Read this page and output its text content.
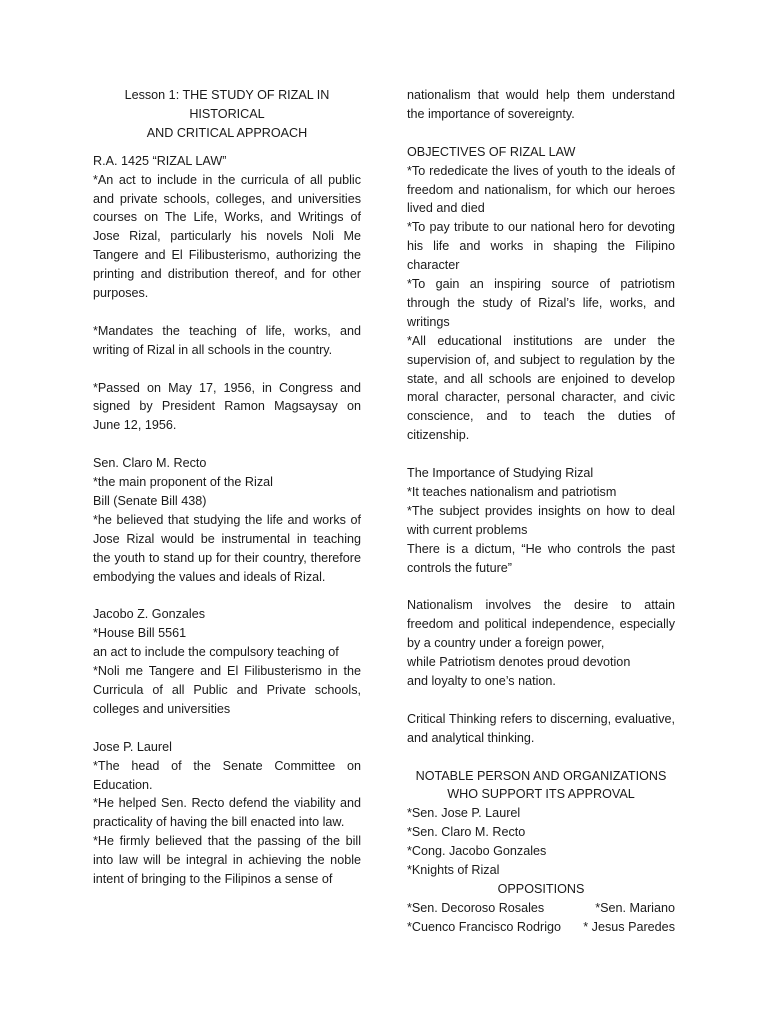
Lesson 1: THE STUDY OF RIZAL IN HISTORICAL
AND CRITICAL APPROACH
R.A. 1425 “RIZAL LAW”

*An act to include in the curricula of all public and private schools, colleges, and universities courses on The Life, Works, and Writings of Jose Rizal, particularly his novels Noli Me Tangere and El Filibusterismo, authorizing the printing and distribution thereof, and for other purposes.

*Mandates the teaching of life, works, and writing of Rizal in all schools in the country.

*Passed on May 17, 1956, in Congress and signed by President Ramon Magsaysay on June 12, 1956.

Sen. Claro M. Recto
*the main proponent of the Rizal
Bill (Senate Bill 438)

*he believed that studying the life and works of Jose Rizal would be instrumental in teaching the youth to stand up for their country, therefore embodying the values and ideals of Rizal.

Jacobo Z. Gonzales
*House Bill 5561
an act to include the compulsory teaching of

*Noli me Tangere and El Filibusterismo in the Curricula of all Public and Private schools, colleges and universities

Jose P. Laurel

*The head of the Senate Committee on Education.

*He helped Sen. Recto defend the viability and practicality of having the bill enacted into law.

*He firmly believed that the passing of the bill into law will be integral in achieving the noble intent of bringing to the Filipinos a sense of

nationalism that would help them understand the importance of sovereignty.

OBJECTIVES OF RIZAL LAW

*To rededicate the lives of youth to the ideals of freedom and nationalism, for which our heroes lived and died

*To pay tribute to our national hero for devoting his life and works in shaping the Filipino character

*To gain an inspiring source of patriotism through the study of Rizal’s life, works, and writings

*All educational institutions are under the supervision of, and subject to regulation by the state, and all schools are enjoined to develop moral character, personal character, and civic conscience, and to teach the duties of citizenship.

The Importance of Studying Rizal
*It teaches nationalism and patriotism

*The subject provides insights on how to deal with current problems

There is a dictum, “He who controls the past controls the future”

Nationalism involves the desire to attain freedom and political independence, especially by a country under a foreign power,

while Patriotism denotes proud devotion
and loyalty to one’s nation.

Critical Thinking refers to discerning, evaluative, and analytical thinking.

NOTABLE PERSON AND ORGANIZATIONS
WHO SUPPORT ITS APPROVAL
*Sen. Jose P. Laurel
*Sen. Claro M. Recto
*Cong. Jacobo Gonzales
*Knights of Rizal
OPPOSITIONS
*Sen. Decoroso Rosales	*Sen. Mariano
*Cuenco Francisco Rodrigo * Jesus Paredes
